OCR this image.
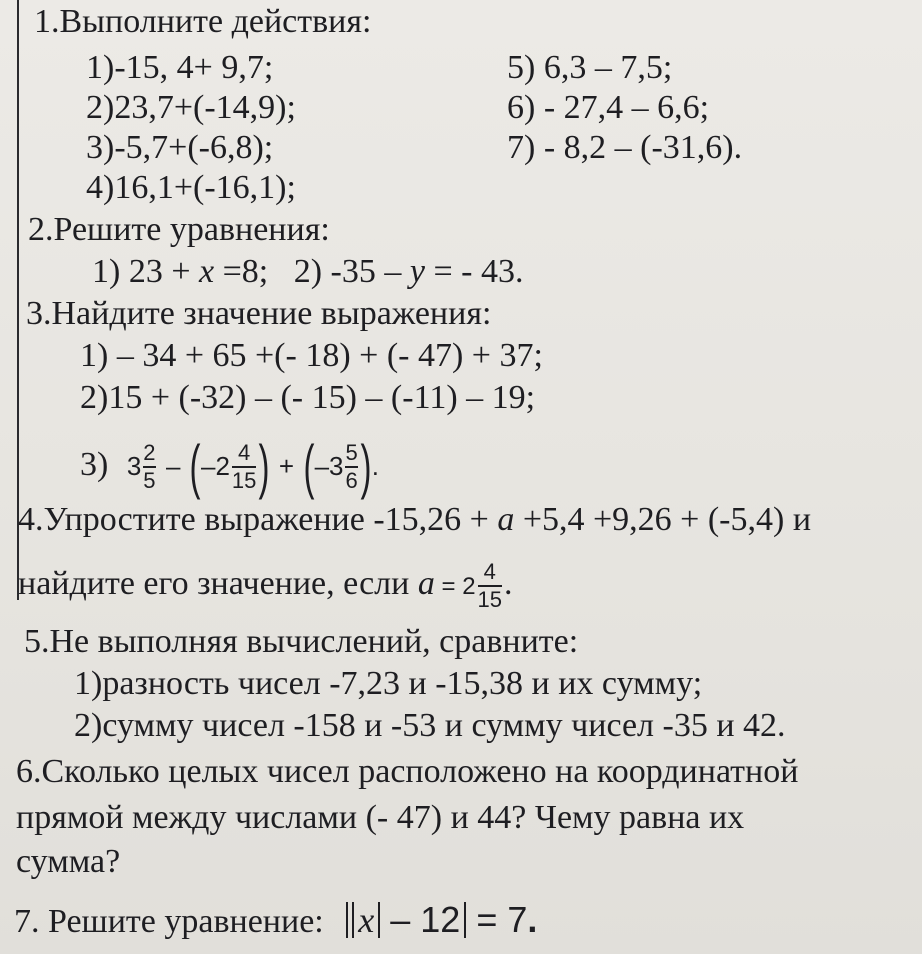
1.Выполните действия:
1)-15, 4+ 9,7;
2)23,7+(-14,9);
3)-5,7+(-6,8);
4)16,1+(-16,1);
5) 6,3 – 7,5;
6) - 27,4 – 6,6;
7) - 8,2 – (-31,6).
2.Решите уравнения:
1) 23 + x =8; 2) -35 – y = - 43.
3.Найдите значение выражения:
1) – 34 + 65 +(- 18) + (- 47) + 37;
2)15 + (-32) – (- 15) – (-11) – 19;
3) $3 \frac{2}{5} - (-2 \frac{4}{15}$ ) + ($-3 \frac{5}{6}$ ).
4.Упростите выражение -15,26 + a +5,4 +9,26 + (-5,4) и
найдите его значение, если $a = 2 \frac{4}{15}$ .
5.Не выполняя вычислений, сравните:
1)разность чисел -7,23 и -15,38 и их сумму;
2)сумму чисел -158 и -53 и сумму чисел -35 и 42.
6.Сколько целых чисел расположено на координатной
прямой между числами (- 47) и 44? Чему равна их
сумма?
7. Решите уравнение: x – 12 = 7.
